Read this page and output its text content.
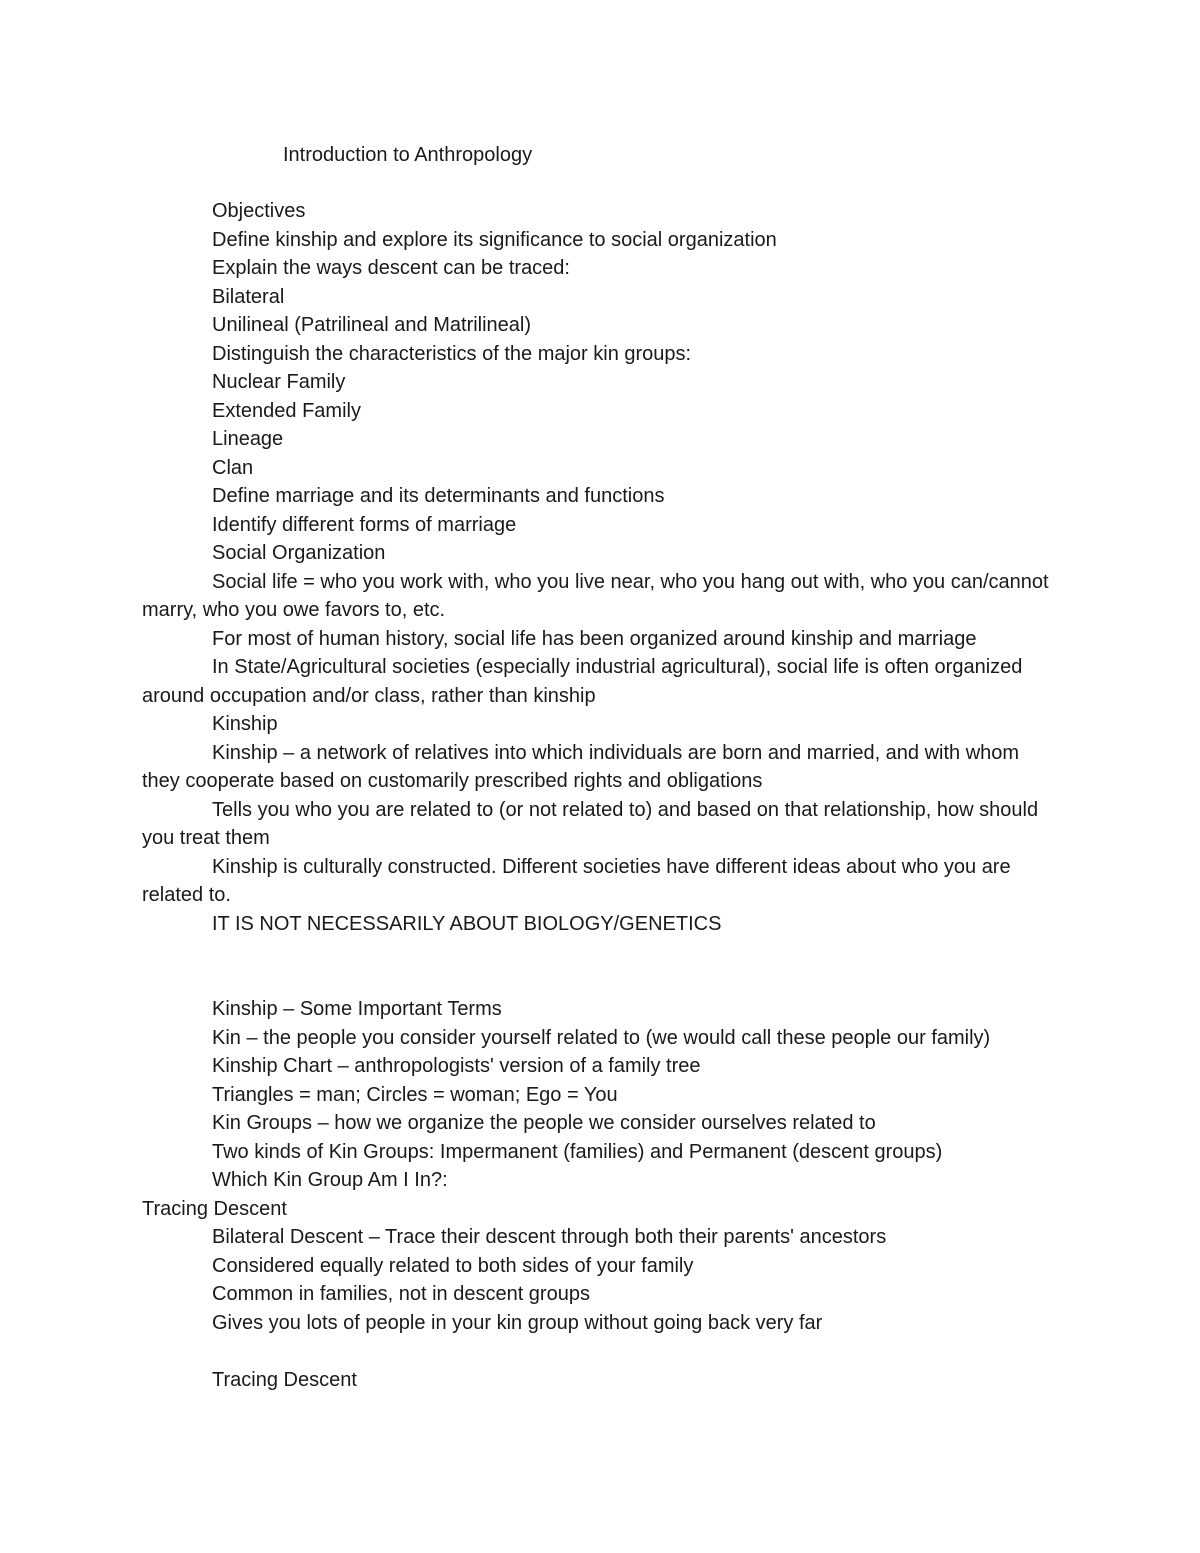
Introduction to Anthropology
Objectives
Define kinship and explore its significance to social organization
Explain the ways descent can be traced:
Bilateral
Unilineal (Patrilineal and Matrilineal)
Distinguish the characteristics of the major kin groups:
Nuclear Family
Extended Family
Lineage
Clan
Define marriage and its determinants and functions
Identify different forms of marriage
Social Organization
Social life = who you work with, who you live near, who you hang out with, who you can/cannot marry, who you owe favors to, etc.
For most of human history, social life has been organized around kinship and marriage
In State/Agricultural societies (especially industrial agricultural), social life is often organized around occupation and/or class, rather than kinship
Kinship
Kinship – a network of relatives into which individuals are born and married, and with whom they cooperate based on customarily prescribed rights and obligations
Tells you who you are related to (or not related to) and based on that relationship, how should you treat them
Kinship is culturally constructed. Different societies have different ideas about who you are related to.
IT IS NOT NECESSARILY ABOUT BIOLOGY/GENETICS
Kinship – Some Important Terms
Kin – the people you consider yourself related to (we would call these people our family)
Kinship Chart – anthropologists' version of a family tree
Triangles = man; Circles = woman; Ego = You
Kin Groups – how we organize the people we consider ourselves related to
Two kinds of Kin Groups: Impermanent (families) and Permanent (descent groups)
Which Kin Group Am I In?:
Tracing Descent
Bilateral Descent – Trace their descent through both their parents' ancestors
Considered equally related to both sides of your family
Common in families, not in descent groups
Gives you lots of people in your kin group without going back very far
Tracing Descent
